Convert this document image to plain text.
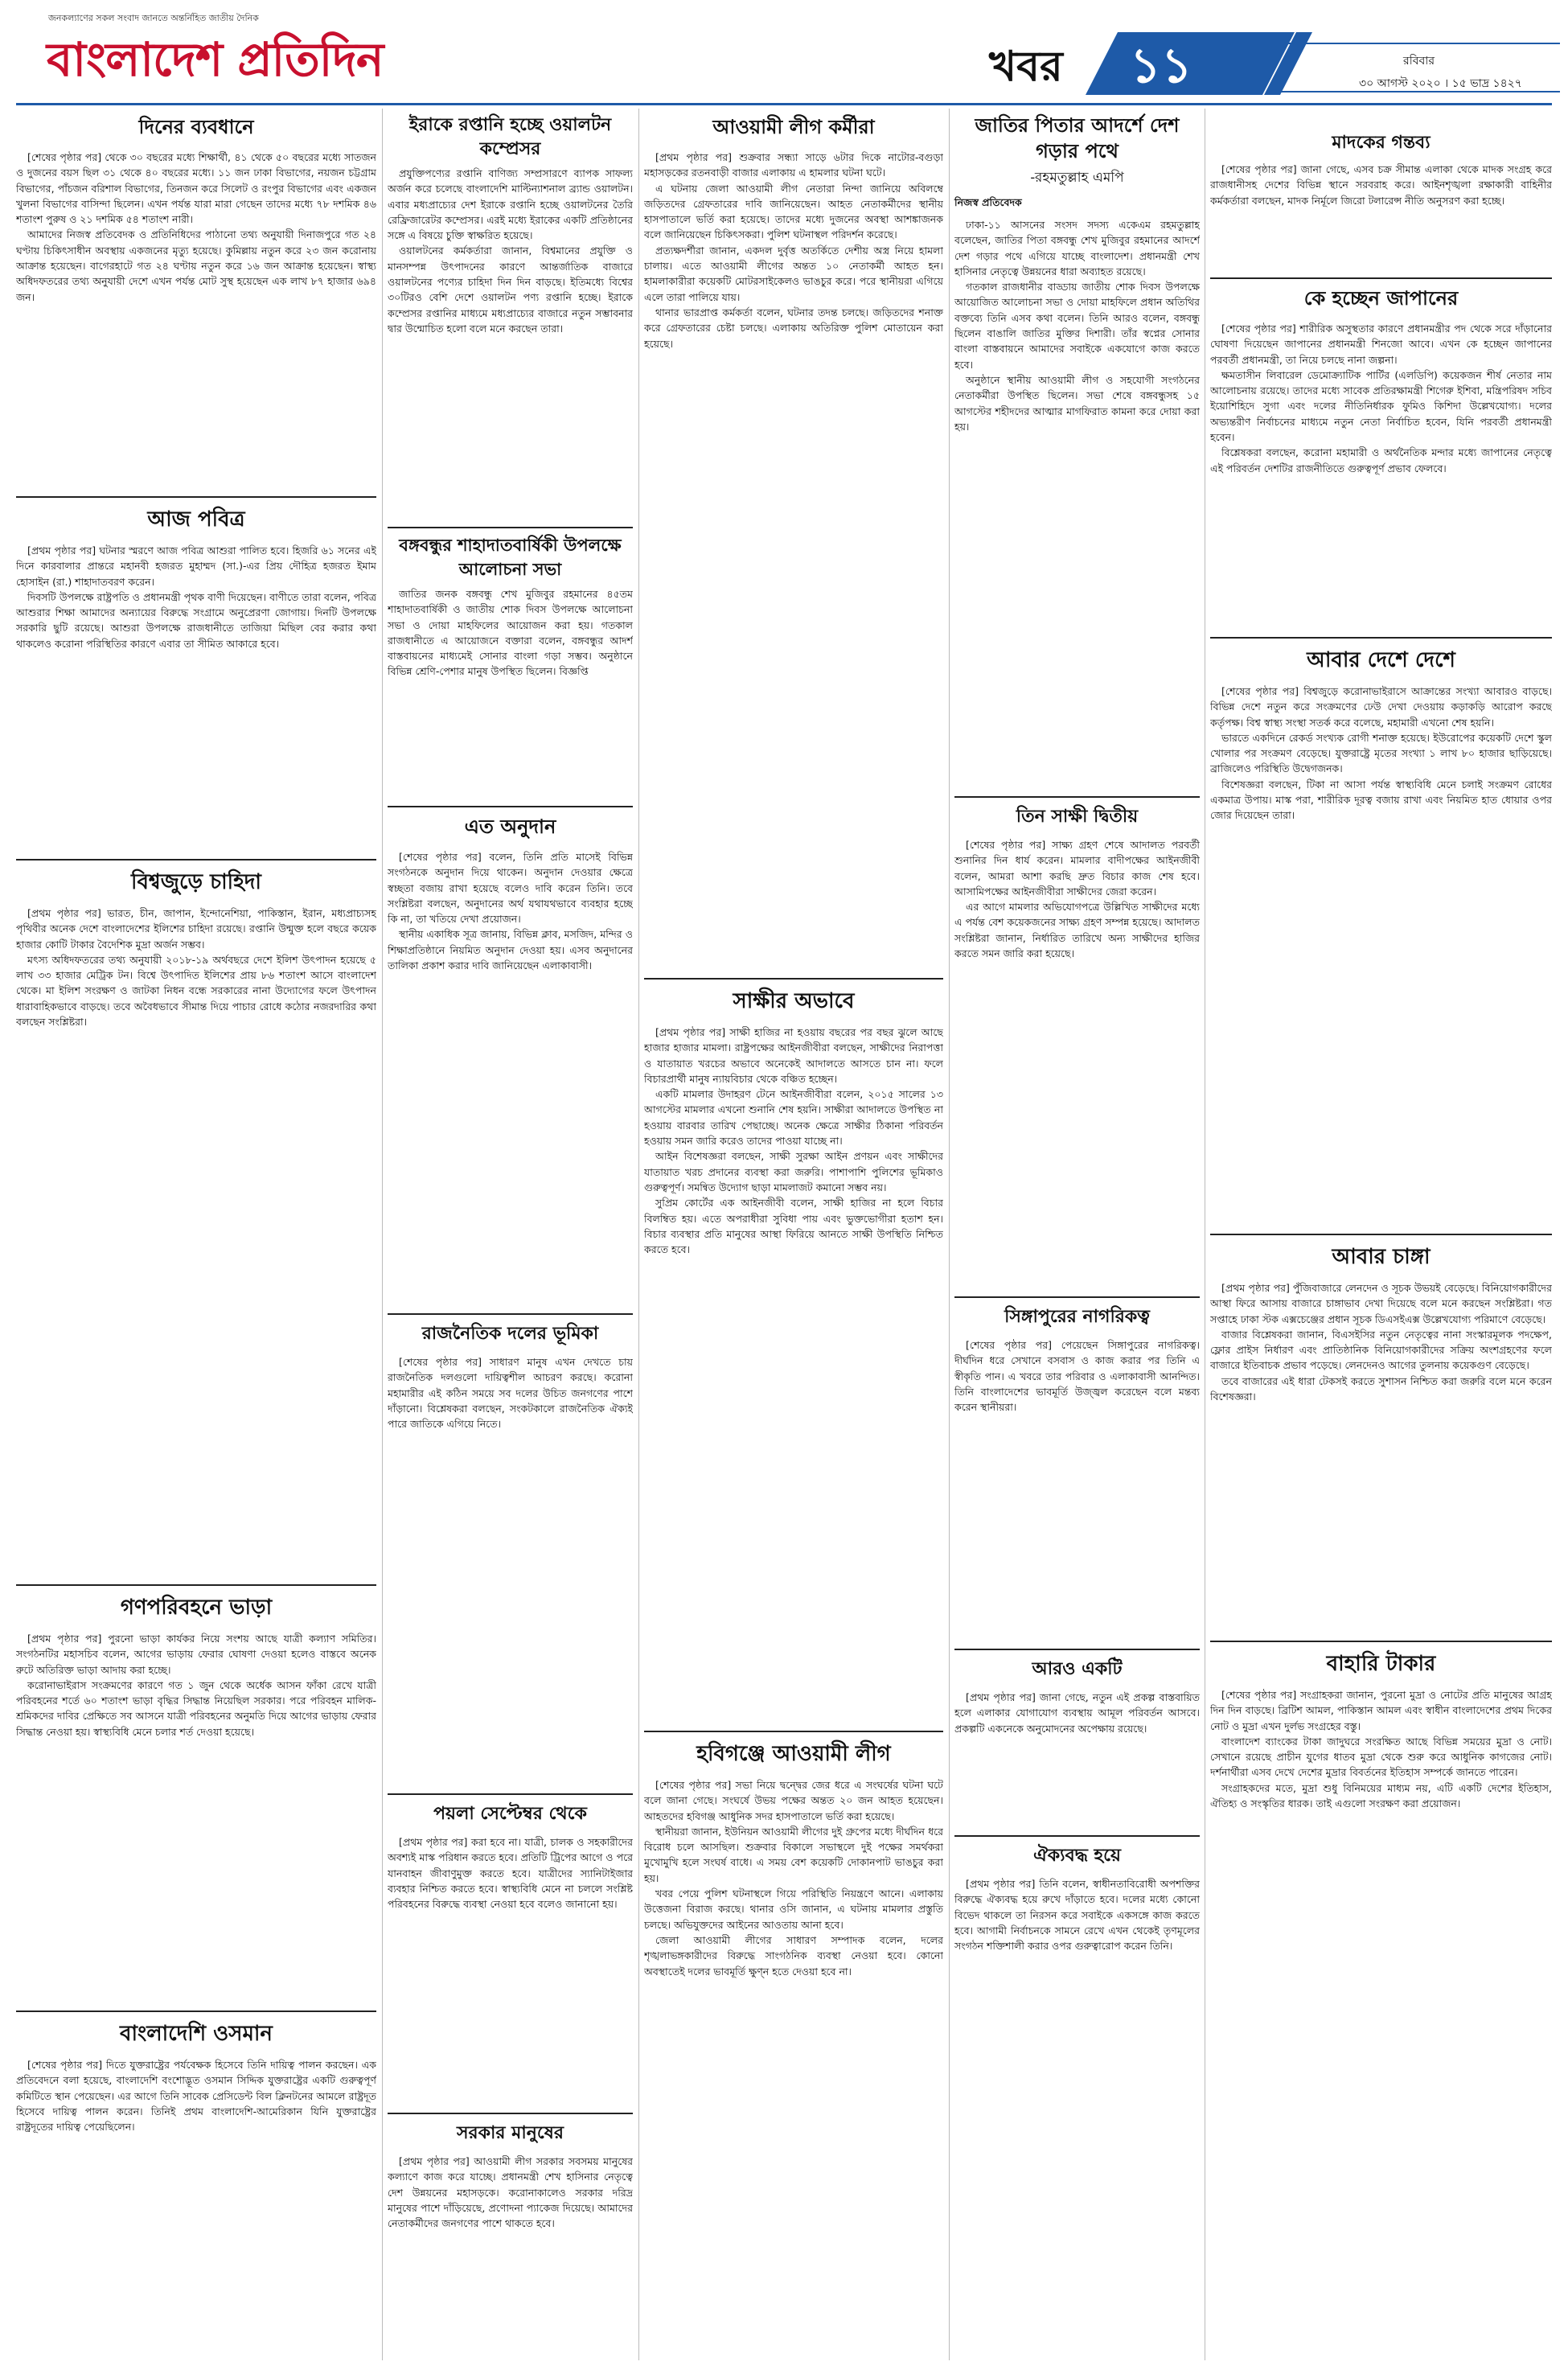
জনকল্যাণের সকল সংবাদ জানতে অন্তর্নিহিত জাতীয় দৈনিক
বাংলাদেশ প্রতিদিন	খবর ১১	রবিবার
৩০ আগস্ট ২০২০ । ১৫ ভাদ্র ১৪২৭
দিনের ব্যবধানে

[শেষের পৃষ্ঠার পর] থেকে ৩০ বছরের মধ্যে শিক্ষার্থী, ৪১ থেকে ৫০ বছরের মধ্যে সাতজন ও দুজনের বয়স ছিল ৩১ থেকে ৪০ বছরের মধ্যে। ১১ জন ঢাকা বিভাগের, নয়জন চট্টগ্রাম বিভাগের, পাঁচজন বরিশাল বিভাগের, তিনজন করে সিলেট ও রংপুর বিভাগের এবং একজন খুলনা বিভাগের বাসিন্দা ছিলেন। এখন পর্যন্ত যারা মারা গেছেন তাদের মধ্যে ৭৮ দশমিক ৪৬ শতাংশ পুরুষ ও ২১ দশমিক ৫৪ শতাংশ নারী।

আমাদের নিজস্ব প্রতিবেদক ও প্রতিনিধিদের পাঠানো তথ্য অনুযায়ী দিনাজপুরে গত ২৪ ঘণ্টায় চিকিৎসাধীন অবস্থায় একজনের মৃত্যু হয়েছে। কুমিল্লায় নতুন করে ২৩ জন করোনায় আক্রান্ত হয়েছেন। বাগেরহাটে গত ২৪ ঘণ্টায় নতুন করে ১৬ জন আক্রান্ত হয়েছেন। স্বাস্থ্য অধিদফতরের তথ্য অনুযায়ী দেশে এখন পর্যন্ত মোট সুস্থ হয়েছেন এক লাখ ৮৭ হাজার ৬৯৪ জন।

আজ পবিত্র

[প্রথম পৃষ্ঠার পর] ঘটনার স্মরণে আজ পবিত্র আশুরা পালিত হবে। হিজরি ৬১ সনের এই দিনে কারবালার প্রান্তরে মহানবী হজরত মুহাম্মদ (সা.)-এর প্রিয় দৌহিত্র হজরত ইমাম হোসাইন (রা.) শাহাদাতবরণ করেন।

দিবসটি উপলক্ষে রাষ্ট্রপতি ও প্রধানমন্ত্রী পৃথক বাণী দিয়েছেন। বাণীতে তারা বলেন, পবিত্র আশুরার শিক্ষা আমাদের অন্যায়ের বিরুদ্ধে সংগ্রামে অনুপ্রেরণা জোগায়। দিনটি উপলক্ষে সরকারি ছুটি রয়েছে। আশুরা উপলক্ষে রাজধানীতে তাজিয়া মিছিল বের করার কথা থাকলেও করোনা পরিস্থিতির কারণে এবার তা সীমিত আকারে হবে।

বিশ্বজুড়ে চাহিদা

[প্রথম পৃষ্ঠার পর] ভারত, চীন, জাপান, ইন্দোনেশিয়া, পাকিস্তান, ইরান, মধ্যপ্রাচ্যসহ পৃথিবীর অনেক দেশে বাংলাদেশের ইলিশের চাহিদা রয়েছে। রপ্তানি উন্মুক্ত হলে বছরে কয়েক হাজার কোটি টাকার বৈদেশিক মুদ্রা অর্জন সম্ভব।

মৎস্য অধিদফতরের তথ্য অনুযায়ী ২০১৮-১৯ অর্থবছরে দেশে ইলিশ উৎপাদন হয়েছে ৫ লাখ ৩৩ হাজার মেট্রিক টন। বিশ্বে উৎপাদিত ইলিশের প্রায় ৮৬ শতাংশ আসে বাংলাদেশ থেকে। মা ইলিশ সংরক্ষণ ও জাটকা নিধন বন্ধে সরকারের নানা উদ্যোগের ফলে উৎপাদন ধারাবাহিকভাবে বাড়ছে। তবে অবৈধভাবে সীমান্ত দিয়ে পাচার রোধে কঠোর নজরদারির কথা বলছেন সংশ্লিষ্টরা।

গণপরিবহনে ভাড়া

[প্রথম পৃষ্ঠার পর] পুরনো ভাড়া কার্যকর নিয়ে সংশয় আছে যাত্রী কল্যাণ সমিতির। সংগঠনটির মহাসচিব বলেন, আগের ভাড়ায় ফেরার ঘোষণা দেওয়া হলেও বাস্তবে অনেক রুটে অতিরিক্ত ভাড়া আদায় করা হচ্ছে।

করোনাভাইরাস সংক্রমণের কারণে গত ১ জুন থেকে অর্ধেক আসন ফাঁকা রেখে যাত্রী পরিবহনের শর্তে ৬০ শতাংশ ভাড়া বৃদ্ধির সিদ্ধান্ত নিয়েছিল সরকার। পরে পরিবহন মালিক-শ্রমিকদের দাবির প্রেক্ষিতে সব আসনে যাত্রী পরিবহনের অনুমতি দিয়ে আগের ভাড়ায় ফেরার সিদ্ধান্ত নেওয়া হয়। স্বাস্থ্যবিধি মেনে চলার শর্ত দেওয়া হয়েছে।

বাংলাদেশি ওসমান

[শেষের পৃষ্ঠার পর] দিতে যুক্তরাষ্ট্রের পর্যবেক্ষক হিসেবে তিনি দায়িত্ব পালন করছেন। এক প্রতিবেদনে বলা হয়েছে, বাংলাদেশি বংশোদ্ভূত ওসমান সিদ্দিক যুক্তরাষ্ট্রের একটি গুরুত্বপূর্ণ কমিটিতে স্থান পেয়েছেন। এর আগে তিনি সাবেক প্রেসিডেন্ট বিল ক্লিনটনের আমলে রাষ্ট্রদূত হিসেবে দায়িত্ব পালন করেন। তিনিই প্রথম বাংলাদেশি-আমেরিকান যিনি যুক্তরাষ্ট্রের রাষ্ট্রদূতের দায়িত্ব পেয়েছিলেন।

ইরাকে রপ্তানি হচ্ছে ওয়ালটন কম্প্রেসর

প্রযুক্তিপণ্যের রপ্তানি বাণিজ্য সম্প্রসারণে ব্যাপক সাফল্য অর্জন করে চলেছে বাংলাদেশি মাল্টিন্যাশনাল ব্র্যান্ড ওয়ালটন। এবার মধ্যপ্রাচ্যের দেশ ইরাকে রপ্তানি হচ্ছে ওয়ালটনের তৈরি রেফ্রিজারেটর কম্প্রেসর। এরই মধ্যে ইরাকের একটি প্রতিষ্ঠানের সঙ্গে এ বিষয়ে চুক্তি স্বাক্ষরিত হয়েছে।

ওয়ালটনের কর্মকর্তারা জানান, বিশ্বমানের প্রযুক্তি ও মানসম্পন্ন উৎপাদনের কারণে আন্তর্জাতিক বাজারে ওয়ালটনের পণ্যের চাহিদা দিন দিন বাড়ছে। ইতিমধ্যে বিশ্বের ৩০টিরও বেশি দেশে ওয়ালটন পণ্য রপ্তানি হচ্ছে। ইরাকে কম্প্রেসর রপ্তানির মাধ্যমে মধ্যপ্রাচ্যের বাজারে নতুন সম্ভাবনার দ্বার উন্মোচিত হলো বলে মনে করছেন তারা।

বঙ্গবন্ধুর শাহাদাতবার্ষিকী উপলক্ষে আলোচনা সভা

জাতির জনক বঙ্গবন্ধু শেখ মুজিবুর রহমানের ৪৫তম শাহাদাতবার্ষিকী ও জাতীয় শোক দিবস উপলক্ষে আলোচনা সভা ও দোয়া মাহফিলের আয়োজন করা হয়। গতকাল রাজধানীতে এ আয়োজনে বক্তারা বলেন, বঙ্গবন্ধুর আদর্শ বাস্তবায়নের মাধ্যমেই সোনার বাংলা গড়া সম্ভব। অনুষ্ঠানে বিভিন্ন শ্রেণি-পেশার মানুষ উপস্থিত ছিলেন। বিজ্ঞপ্তি

এত অনুদান

[শেষের পৃষ্ঠার পর] বলেন, তিনি প্রতি মাসেই বিভিন্ন সংগঠনকে অনুদান দিয়ে থাকেন। অনুদান দেওয়ার ক্ষেত্রে স্বচ্ছতা বজায় রাখা হয়েছে বলেও দাবি করেন তিনি। তবে সংশ্লিষ্টরা বলছেন, অনুদানের অর্থ যথাযথভাবে ব্যবহার হচ্ছে কি না, তা খতিয়ে দেখা প্রয়োজন।

স্থানীয় একাধিক সূত্র জানায়, বিভিন্ন ক্লাব, মসজিদ, মন্দির ও শিক্ষাপ্রতিষ্ঠানে নিয়মিত অনুদান দেওয়া হয়। এসব অনুদানের তালিকা প্রকাশ করার দাবি জানিয়েছেন এলাকাবাসী।

রাজনৈতিক দলের ভূমিকা

[শেষের পৃষ্ঠার পর] সাধারণ মানুষ এখন দেখতে চায় রাজনৈতিক দলগুলো দায়িত্বশীল আচরণ করছে। করোনা মহামারীর এই কঠিন সময়ে সব দলের উচিত জনগণের পাশে দাঁড়ানো। বিশ্লেষকরা বলছেন, সংকটকালে রাজনৈতিক ঐক্যই পারে জাতিকে এগিয়ে নিতে।

পয়লা সেপ্টেম্বর থেকে

[প্রথম পৃষ্ঠার পর] করা হবে না। যাত্রী, চালক ও সহকারীদের অবশ্যই মাস্ক পরিধান করতে হবে। প্রতিটি ট্রিপের আগে ও পরে যানবাহন জীবাণুমুক্ত করতে হবে। যাত্রীদের স্যানিটাইজার ব্যবহার নিশ্চিত করতে হবে। স্বাস্থ্যবিধি মেনে না চললে সংশ্লিষ্ট পরিবহনের বিরুদ্ধে ব্যবস্থা নেওয়া হবে বলেও জানানো হয়।

সরকার মানুষের

[প্রথম পৃষ্ঠার পর] আওয়ামী লীগ সরকার সবসময় মানুষের কল্যাণে কাজ করে যাচ্ছে। প্রধানমন্ত্রী শেখ হাসিনার নেতৃত্বে দেশ উন্নয়নের মহাসড়কে। করোনাকালেও সরকার দরিদ্র মানুষের পাশে দাঁড়িয়েছে, প্রণোদনা প্যাকেজ দিয়েছে। আমাদের নেতাকর্মীদের জনগণের পাশে থাকতে হবে।

আওয়ামী লীগ কর্মীরা

[প্রথম পৃষ্ঠার পর] শুক্রবার সন্ধ্যা সাড়ে ৬টার দিকে নাটোর-বগুড়া মহাসড়কের রতনবাড়ী বাজার এলাকায় এ হামলার ঘটনা ঘটে।

এ ঘটনায় জেলা আওয়ামী লীগ নেতারা নিন্দা জানিয়ে অবিলম্বে জড়িতদের গ্রেফতারের দাবি জানিয়েছেন। আহত নেতাকর্মীদের স্থানীয় হাসপাতালে ভর্তি করা হয়েছে। তাদের মধ্যে দুজনের অবস্থা আশঙ্কাজনক বলে জানিয়েছেন চিকিৎসকরা। পুলিশ ঘটনাস্থল পরিদর্শন করেছে।

প্রত্যক্ষদর্শীরা জানান, একদল দুর্বৃত্ত অতর্কিতে দেশীয় অস্ত্র নিয়ে হামলা চালায়। এতে আওয়ামী লীগের অন্তত ১০ নেতাকর্মী আহত হন। হামলাকারীরা কয়েকটি মোটরসাইকেলও ভাঙচুর করে। পরে স্থানীয়রা এগিয়ে এলে তারা পালিয়ে যায়।

থানার ভারপ্রাপ্ত কর্মকর্তা বলেন, ঘটনার তদন্ত চলছে। জড়িতদের শনাক্ত করে গ্রেফতারের চেষ্টা চলছে। এলাকায় অতিরিক্ত পুলিশ মোতায়েন করা হয়েছে।

সাক্ষীর অভাবে

[প্রথম পৃষ্ঠার পর] সাক্ষী হাজির না হওয়ায় বছরের পর বছর ঝুলে আছে হাজার হাজার মামলা। রাষ্ট্রপক্ষের আইনজীবীরা বলছেন, সাক্ষীদের নিরাপত্তা ও যাতায়াত খরচের অভাবে অনেকেই আদালতে আসতে চান না। ফলে বিচারপ্রার্থী মানুষ ন্যায়বিচার থেকে বঞ্চিত হচ্ছেন।

একটি মামলার উদাহরণ টেনে আইনজীবীরা বলেন, ২০১৫ সালের ১৩ আগস্টের মামলার এখনো শুনানি শেষ হয়নি। সাক্ষীরা আদালতে উপস্থিত না হওয়ায় বারবার তারিখ পেছাচ্ছে। অনেক ক্ষেত্রে সাক্ষীর ঠিকানা পরিবর্তন হওয়ায় সমন জারি করেও তাদের পাওয়া যাচ্ছে না।

আইন বিশেষজ্ঞরা বলছেন, সাক্ষী সুরক্ষা আইন প্রণয়ন এবং সাক্ষীদের যাতায়াত খরচ প্রদানের ব্যবস্থা করা জরুরি। পাশাপাশি পুলিশের ভূমিকাও গুরুত্বপূর্ণ। সমন্বিত উদ্যোগ ছাড়া মামলাজট কমানো সম্ভব নয়।

সুপ্রিম কোর্টের এক আইনজীবী বলেন, সাক্ষী হাজির না হলে বিচার বিলম্বিত হয়। এতে অপরাধীরা সুবিধা পায় এবং ভুক্তভোগীরা হতাশ হন। বিচার ব্যবস্থার প্রতি মানুষের আস্থা ফিরিয়ে আনতে সাক্ষী উপস্থিতি নিশ্চিত করতে হবে।

হবিগঞ্জে আওয়ামী লীগ

[শেষের পৃষ্ঠার পর] সভা নিয়ে দ্বন্দ্বের জের ধরে এ সংঘর্ষের ঘটনা ঘটে বলে জানা গেছে। সংঘর্ষে উভয় পক্ষের অন্তত ২০ জন আহত হয়েছেন। আহতদের হবিগঞ্জ আধুনিক সদর হাসপাতালে ভর্তি করা হয়েছে।

স্থানীয়রা জানান, ইউনিয়ন আওয়ামী লীগের দুই গ্রুপের মধ্যে দীর্ঘদিন ধরে বিরোধ চলে আসছিল। শুক্রবার বিকালে সভাস্থলে দুই পক্ষের সমর্থকরা মুখোমুখি হলে সংঘর্ষ বাধে। এ সময় বেশ কয়েকটি দোকানপাট ভাঙচুর করা হয়।

খবর পেয়ে পুলিশ ঘটনাস্থলে গিয়ে পরিস্থিতি নিয়ন্ত্রণে আনে। এলাকায় উত্তেজনা বিরাজ করছে। থানার ওসি জানান, এ ঘটনায় মামলার প্রস্তুতি চলছে। অভিযুক্তদের আইনের আওতায় আনা হবে।

জেলা আওয়ামী লীগের সাধারণ সম্পাদক বলেন, দলের শৃঙ্খলাভঙ্গকারীদের বিরুদ্ধে সাংগঠনিক ব্যবস্থা নেওয়া হবে। কোনো অবস্থাতেই দলের ভাবমূর্তি ক্ষুণ্ন হতে দেওয়া হবে না।

জাতির পিতার আদর্শে দেশ গড়ার পথে
-রহমতুল্লাহ এমপি
নিজস্ব প্রতিবেদক

ঢাকা-১১ আসনের সংসদ সদস্য একেএম রহমতুল্লাহ বলেছেন, জাতির পিতা বঙ্গবন্ধু শেখ মুজিবুর রহমানের আদর্শে দেশ গড়ার পথে এগিয়ে যাচ্ছে বাংলাদেশ। প্রধানমন্ত্রী শেখ হাসিনার নেতৃত্বে উন্নয়নের ধারা অব্যাহত রয়েছে।

গতকাল রাজধানীর বাড্ডায় জাতীয় শোক দিবস উপলক্ষে আয়োজিত আলোচনা সভা ও দোয়া মাহফিলে প্রধান অতিথির বক্তব্যে তিনি এসব কথা বলেন। তিনি আরও বলেন, বঙ্গবন্ধু ছিলেন বাঙালি জাতির মুক্তির দিশারী। তাঁর স্বপ্নের সোনার বাংলা বাস্তবায়নে আমাদের সবাইকে একযোগে কাজ করতে হবে।

অনুষ্ঠানে স্থানীয় আওয়ামী লীগ ও সহযোগী সংগঠনের নেতাকর্মীরা উপস্থিত ছিলেন। সভা শেষে বঙ্গবন্ধুসহ ১৫ আগস্টের শহীদদের আত্মার মাগফিরাত কামনা করে দোয়া করা হয়।

তিন সাক্ষী দ্বিতীয়

[শেষের পৃষ্ঠার পর] সাক্ষ্য গ্রহণ শেষে আদালত পরবর্তী শুনানির দিন ধার্য করেন। মামলার বাদীপক্ষের আইনজীবী বলেন, আমরা আশা করছি দ্রুত বিচার কাজ শেষ হবে। আসামিপক্ষের আইনজীবীরা সাক্ষীদের জেরা করেন।

এর আগে মামলার অভিযোগপত্রে উল্লিখিত সাক্ষীদের মধ্যে এ পর্যন্ত বেশ কয়েকজনের সাক্ষ্য গ্রহণ সম্পন্ন হয়েছে। আদালত সংশ্লিষ্টরা জানান, নির্ধারিত তারিখে অন্য সাক্ষীদের হাজির করতে সমন জারি করা হয়েছে।

সিঙ্গাপুরের নাগরিকত্ব

[শেষের পৃষ্ঠার পর] পেয়েছেন সিঙ্গাপুরের নাগরিকত্ব। দীর্ঘদিন ধরে সেখানে বসবাস ও কাজ করার পর তিনি এ স্বীকৃতি পান। এ খবরে তার পরিবার ও এলাকাবাসী আনন্দিত। তিনি বাংলাদেশের ভাবমূর্তি উজ্জ্বল করেছেন বলে মন্তব্য করেন স্থানীয়রা।

আরও একটি

[প্রথম পৃষ্ঠার পর] জানা গেছে, নতুন এই প্রকল্প বাস্তবায়িত হলে এলাকার যোগাযোগ ব্যবস্থায় আমূল পরিবর্তন আসবে। প্রকল্পটি একনেকে অনুমোদনের অপেক্ষায় রয়েছে।

ঐক্যবদ্ধ হয়ে

[প্রথম পৃষ্ঠার পর] তিনি বলেন, স্বাধীনতাবিরোধী অপশক্তির বিরুদ্ধে ঐক্যবদ্ধ হয়ে রুখে দাঁড়াতে হবে। দলের মধ্যে কোনো বিভেদ থাকলে তা নিরসন করে সবাইকে একসঙ্গে কাজ করতে হবে। আগামী নির্বাচনকে সামনে রেখে এখন থেকেই তৃণমূলের সংগঠন শক্তিশালী করার ওপর গুরুত্বারোপ করেন তিনি।

মাদকের গন্তব্য

[শেষের পৃষ্ঠার পর] জানা গেছে, এসব চক্র সীমান্ত এলাকা থেকে মাদক সংগ্রহ করে রাজধানীসহ দেশের বিভিন্ন স্থানে সরবরাহ করে। আইনশৃঙ্খলা রক্ষাকারী বাহিনীর কর্মকর্তারা বলছেন, মাদক নির্মূলে জিরো টলারেন্স নীতি অনুসরণ করা হচ্ছে।

কে হচ্ছেন জাপানের

[শেষের পৃষ্ঠার পর] শারীরিক অসুস্থতার কারণে প্রধানমন্ত্রীর পদ থেকে সরে দাঁড়ানোর ঘোষণা দিয়েছেন জাপানের প্রধানমন্ত্রী শিনজো আবে। এখন কে হচ্ছেন জাপানের পরবর্তী প্রধানমন্ত্রী, তা নিয়ে চলছে নানা জল্পনা।

ক্ষমতাসীন লিবারেল ডেমোক্র্যাটিক পার্টির (এলডিপি) কয়েকজন শীর্ষ নেতার নাম আলোচনায় রয়েছে। তাদের মধ্যে সাবেক প্রতিরক্ষামন্ত্রী শিগেরু ইশিবা, মন্ত্রিপরিষদ সচিব ইয়োশিহিদে সুগা এবং দলের নীতিনির্ধারক ফুমিও কিশিদা উল্লেখযোগ্য। দলের অভ্যন্তরীণ নির্বাচনের মাধ্যমে নতুন নেতা নির্বাচিত হবেন, যিনি পরবর্তী প্রধানমন্ত্রী হবেন।

বিশ্লেষকরা বলছেন, করোনা মহামারী ও অর্থনৈতিক মন্দার মধ্যে জাপানের নেতৃত্বে এই পরিবর্তন দেশটির রাজনীতিতে গুরুত্বপূর্ণ প্রভাব ফেলবে।

আবার দেশে দেশে

[শেষের পৃষ্ঠার পর] বিশ্বজুড়ে করোনাভাইরাসে আক্রান্তের সংখ্যা আবারও বাড়ছে। বিভিন্ন দেশে নতুন করে সংক্রমণের ঢেউ দেখা দেওয়ায় কড়াকড়ি আরোপ করছে কর্তৃপক্ষ। বিশ্ব স্বাস্থ্য সংস্থা সতর্ক করে বলেছে, মহামারী এখনো শেষ হয়নি।

ভারতে একদিনে রেকর্ড সংখ্যক রোগী শনাক্ত হয়েছে। ইউরোপের কয়েকটি দেশে স্কুল খোলার পর সংক্রমণ বেড়েছে। যুক্তরাষ্ট্রে মৃতের সংখ্যা ১ লাখ ৮০ হাজার ছাড়িয়েছে। ব্রাজিলেও পরিস্থিতি উদ্বেগজনক।

বিশেষজ্ঞরা বলছেন, টিকা না আসা পর্যন্ত স্বাস্থ্যবিধি মেনে চলাই সংক্রমণ রোধের একমাত্র উপায়। মাস্ক পরা, শারীরিক দূরত্ব বজায় রাখা এবং নিয়মিত হাত ধোয়ার ওপর জোর দিয়েছেন তারা।

আবার চাঙ্গা

[প্রথম পৃষ্ঠার পর] পুঁজিবাজারে লেনদেন ও সূচক উভয়ই বেড়েছে। বিনিয়োগকারীদের আস্থা ফিরে আসায় বাজারে চাঙ্গাভাব দেখা দিয়েছে বলে মনে করছেন সংশ্লিষ্টরা। গত সপ্তাহে ঢাকা স্টক এক্সচেঞ্জের প্রধান সূচক ডিএসইএক্স উল্লেখযোগ্য পরিমাণে বেড়েছে।

বাজার বিশ্লেষকরা জানান, বিএসইসির নতুন নেতৃত্বের নানা সংস্কারমূলক পদক্ষেপ, ফ্লোর প্রাইস নির্ধারণ এবং প্রাতিষ্ঠানিক বিনিয়োগকারীদের সক্রিয় অংশগ্রহণের ফলে বাজারে ইতিবাচক প্রভাব পড়েছে। লেনদেনও আগের তুলনায় কয়েকগুণ বেড়েছে।

তবে বাজারের এই ধারা টেকসই করতে সুশাসন নিশ্চিত করা জরুরি বলে মনে করেন বিশেষজ্ঞরা।

বাহারি টাকার

[শেষের পৃষ্ঠার পর] সংগ্রাহকরা জানান, পুরনো মুদ্রা ও নোটের প্রতি মানুষের আগ্রহ দিন দিন বাড়ছে। ব্রিটিশ আমল, পাকিস্তান আমল এবং স্বাধীন বাংলাদেশের প্রথম দিকের নোট ও মুদ্রা এখন দুর্লভ সংগ্রহের বস্তু।

বাংলাদেশ ব্যাংকের টাকা জাদুঘরে সংরক্ষিত আছে বিভিন্ন সময়ের মুদ্রা ও নোট। সেখানে রয়েছে প্রাচীন যুগের ধাতব মুদ্রা থেকে শুরু করে আধুনিক কাগজের নোট। দর্শনার্থীরা এসব দেখে দেশের মুদ্রার বিবর্তনের ইতিহাস সম্পর্কে জানতে পারেন।

সংগ্রাহকদের মতে, মুদ্রা শুধু বিনিময়ের মাধ্যম নয়, এটি একটি দেশের ইতিহাস, ঐতিহ্য ও সংস্কৃতির ধারক। তাই এগুলো সংরক্ষণ করা প্রয়োজন।
